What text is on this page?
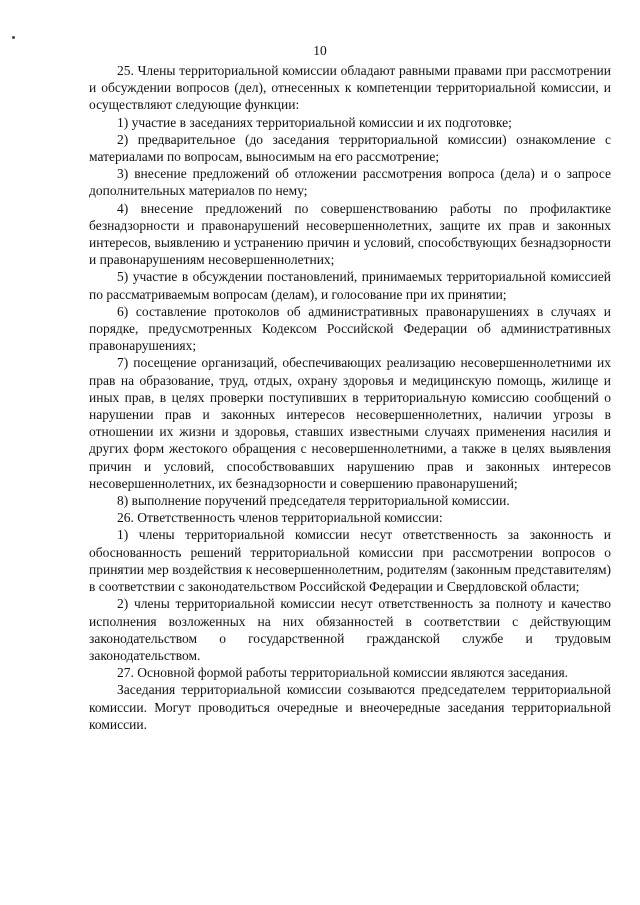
10

25. Члены территориальной комиссии обладают равными правами при рассмотрении и обсуждении вопросов (дел), отнесенных к компетенции территориальной комиссии, и осуществляют следующие функции:

1) участие в заседаниях территориальной комиссии и их подготовке;

2) предварительное (до заседания территориальной комиссии) ознакомление с материалами по вопросам, выносимым на его рассмотрение;

3) внесение предложений об отложении рассмотрения вопроса (дела) и о запросе дополнительных материалов по нему;

4) внесение предложений по совершенствованию работы по профилактике безнадзорности и правонарушений несовершеннолетних, защите их прав и законных интересов, выявлению и устранению причин и условий, способствующих безнадзорности и правонарушениям несовершеннолетних;

5) участие в обсуждении постановлений, принимаемых территориальной комиссией по рассматриваемым вопросам (делам), и голосование при их принятии;

6) составление протоколов об административных правонарушениях в случаях и порядке, предусмотренных Кодексом Российской Федерации об административных правонарушениях;

7) посещение организаций, обеспечивающих реализацию несовершеннолетними их прав на образование, труд, отдых, охрану здоровья и медицинскую помощь, жилище и иных прав, в целях проверки поступивших в территориальную комиссию сообщений о нарушении прав и законных интересов несовершеннолетних, наличии угрозы в отношении их жизни и здоровья, ставших известными случаях применения насилия и других форм жестокого обращения с несовершеннолетними, а также в целях выявления причин и условий, способствовавших нарушению прав и законных интересов несовершеннолетних, их безнадзорности и совершению правонарушений;

8) выполнение поручений председателя территориальной комиссии.

26. Ответственность членов территориальной комиссии:

1) члены территориальной комиссии несут ответственность за законность и обоснованность решений территориальной комиссии при рассмотрении вопросов о принятии мер воздействия к несовершеннолетним, родителям (законным представителям) в соответствии с законодательством Российской Федерации и Свердловской области;

2) члены территориальной комиссии несут ответственность за полноту и качество исполнения возложенных на них обязанностей в соответствии с действующим законодательством о государственной гражданской службе и трудовым законодательством.

27. Основной формой работы территориальной комиссии являются заседания.

Заседания территориальной комиссии созываются председателем территориальной комиссии. Могут проводиться очередные и внеочередные заседания территориальной комиссии.
